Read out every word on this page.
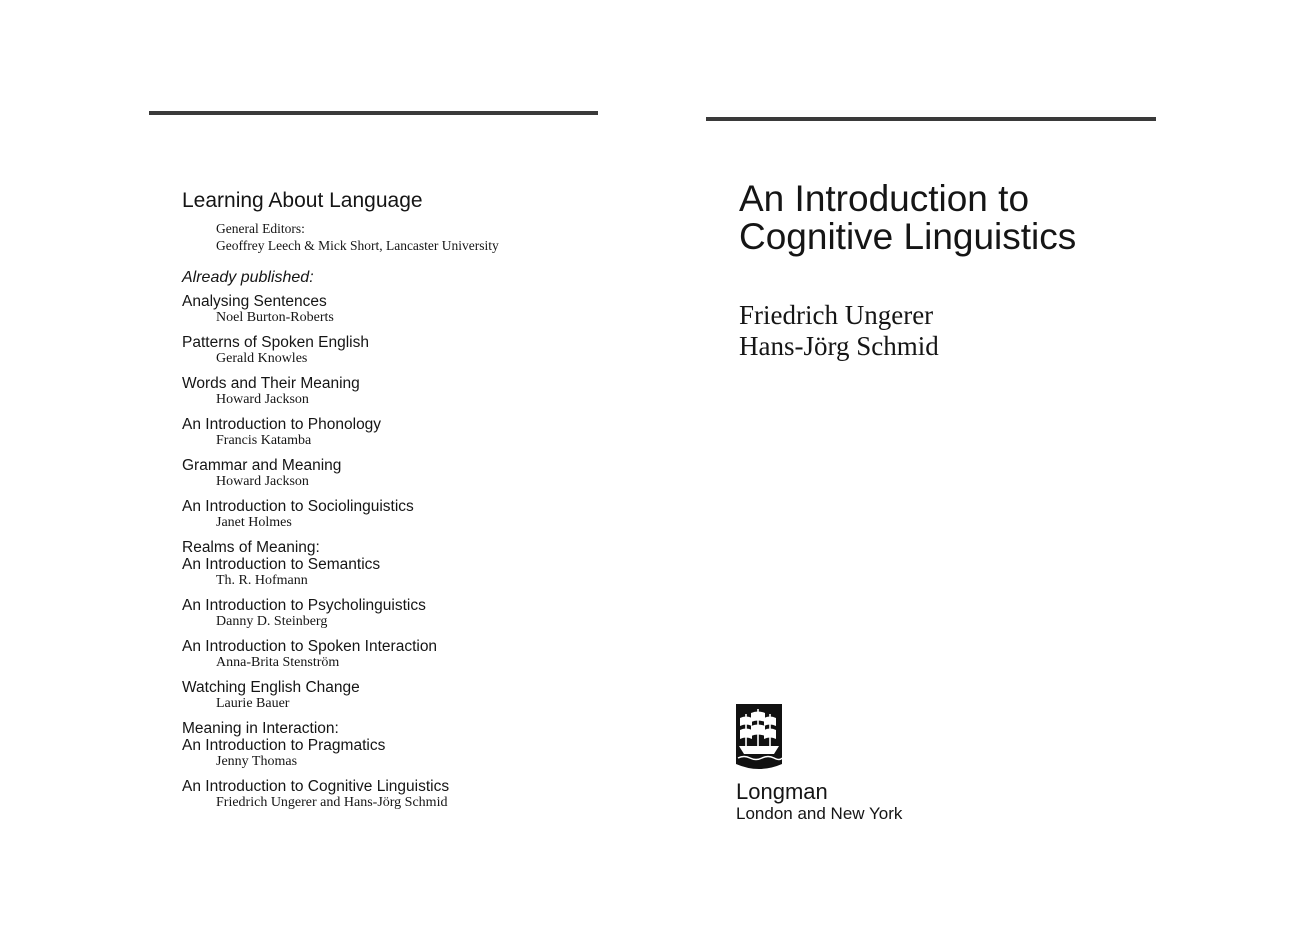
Learning About Language
General Editors:
Geoffrey Leech & Mick Short, Lancaster University
Already published:
Analysing Sentences
Noel Burton-Roberts
Patterns of Spoken English
Gerald Knowles
Words and Their Meaning
Howard Jackson
An Introduction to Phonology
Francis Katamba
Grammar and Meaning
Howard Jackson
An Introduction to Sociolinguistics
Janet Holmes
Realms of Meaning:
An Introduction to Semantics
Th. R. Hofmann
An Introduction to Psycholinguistics
Danny D. Steinberg
An Introduction to Spoken Interaction
Anna-Brita Stenström
Watching English Change
Laurie Bauer
Meaning in Interaction:
An Introduction to Pragmatics
Jenny Thomas
An Introduction to Cognitive Linguistics
Friedrich Ungerer and Hans-Jörg Schmid
An Introduction to
Cognitive Linguistics
Friedrich Ungerer
Hans-Jörg Schmid
Longman
London and New York
